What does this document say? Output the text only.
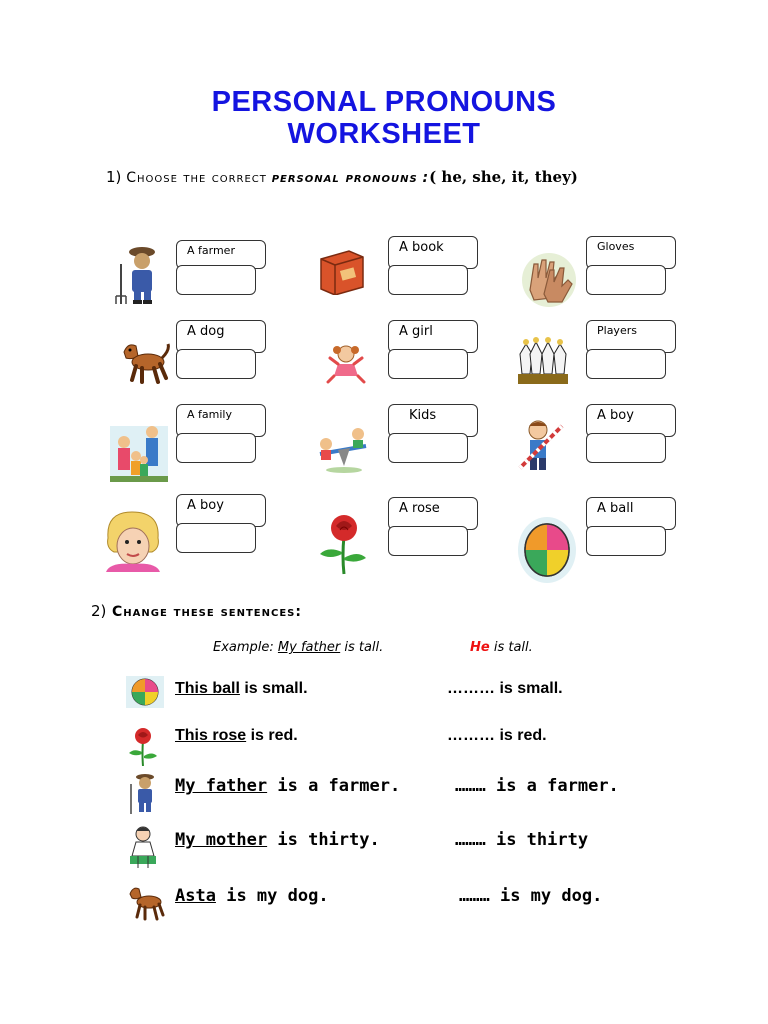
PERSONAL PRONOUNS
WORKSHEET
1) Choose the correct personal pronouns :( he, she, it, they)
A farmer	A book	Gloves
A dog	A girl	Players
A family	Kids	A boy
A boy	A rose	A ball
2) Change these sentences:
Example: My father is tall.	He is tall.
This ball is small.	……… is small.
This rose is red.	……… is red.
My father is a farmer.	……… is a farmer.
My mother is thirty.	……… is thirty
Asta is my dog.	……… is my dog.
